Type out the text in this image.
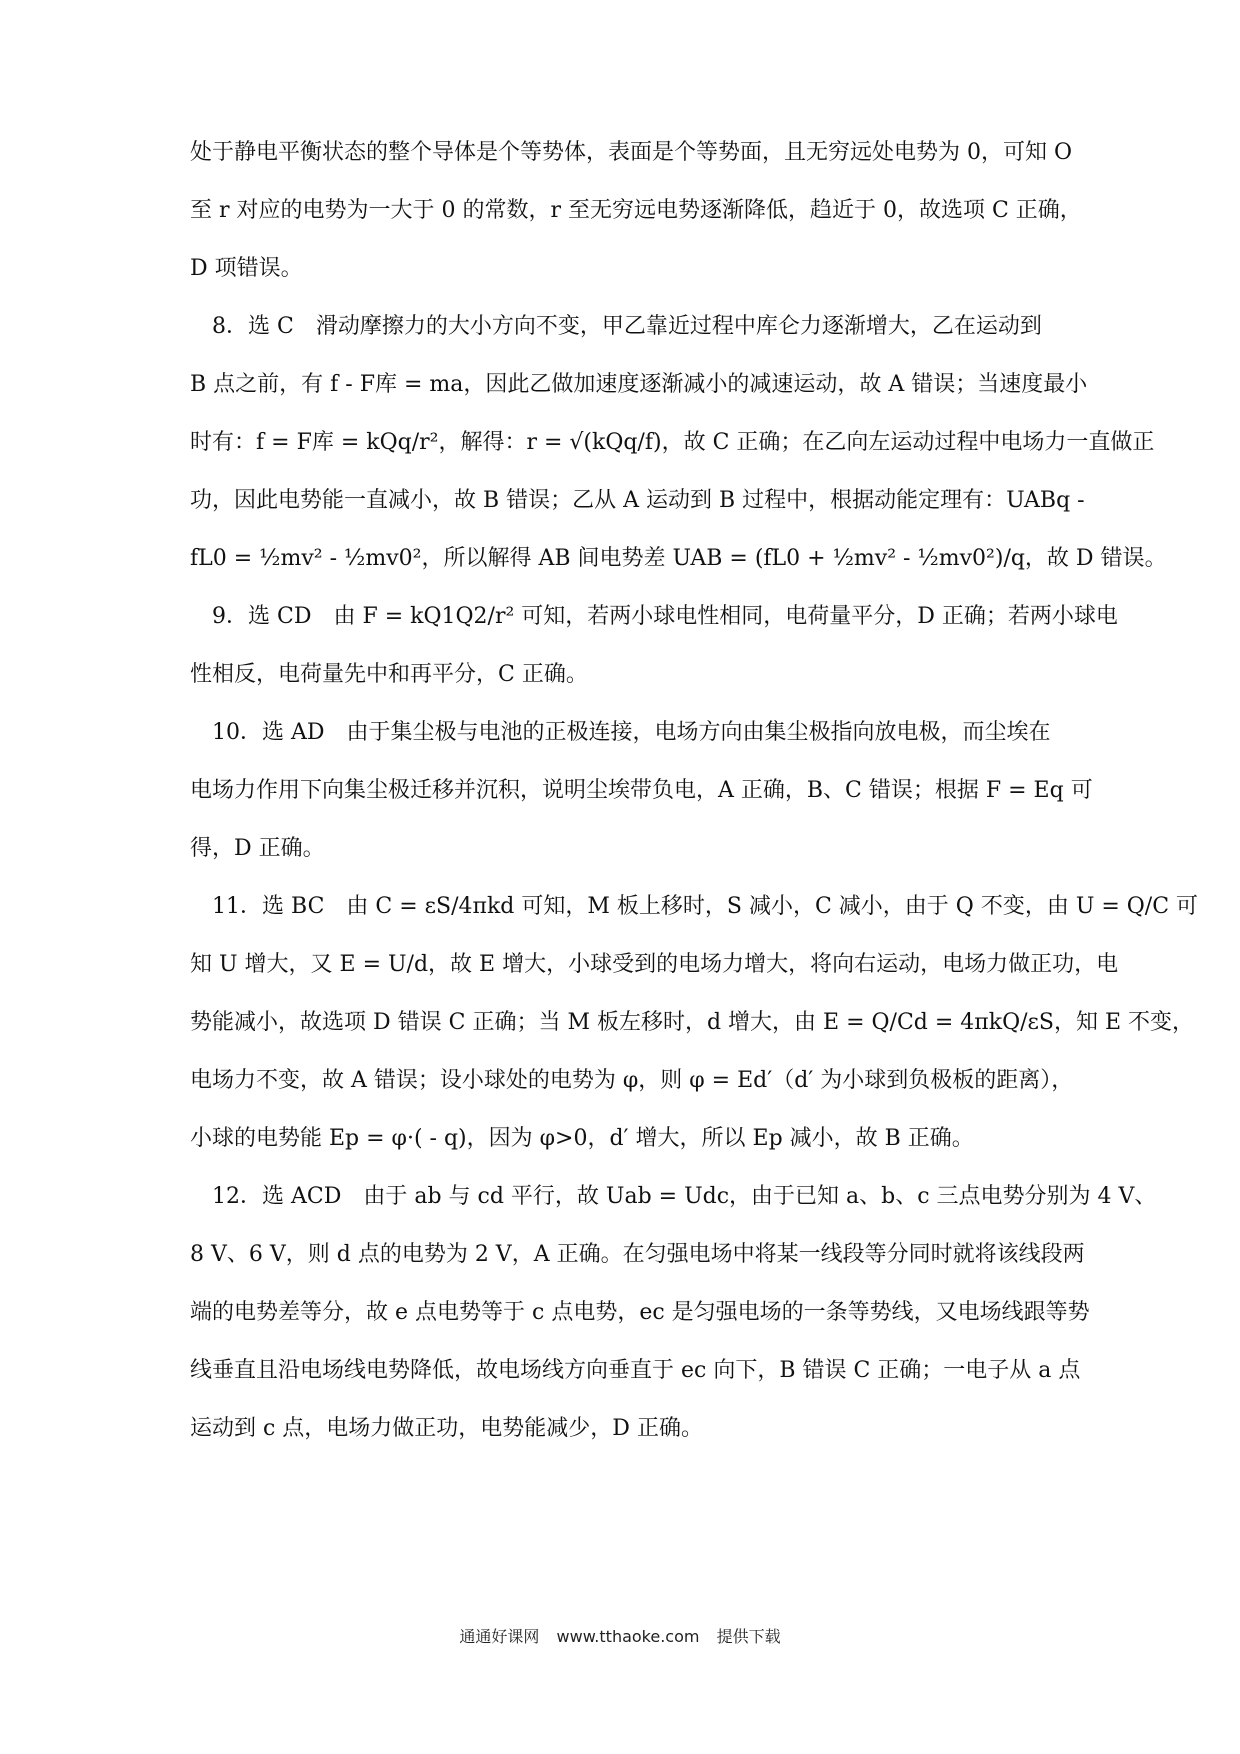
处于静电平衡状态的整个导体是个等势体，表面是个等势面，且无穷远处电势为 0，可知 O
至 r 对应的电势为一大于 0 的常数，r 至无穷远电势逐渐降低，趋近于 0，故选项 C 正确，
D 项错误。
　8．选 C　滑动摩擦力的大小方向不变，甲乙靠近过程中库仑力逐渐增大，乙在运动到
B 点之前，有 f - F库 = ma，因此乙做加速度逐渐减小的减速运动，故 A 错误；当速度最小
时有：f = F库 = kQq/r²，解得：r = √(kQq/f)，故 C 正确；在乙向左运动过程中电场力一直做正
功，因此电势能一直减小，故 B 错误；乙从 A 运动到 B 过程中，根据动能定理有：UABq -
fL0 = ½mv² - ½mv0²，所以解得 AB 间电势差 UAB = (fL0 + ½mv² - ½mv0²)/q，故 D 错误。
　9．选 CD　由 F = kQ1Q2/r² 可知，若两小球电性相同，电荷量平分，D 正确；若两小球电
性相反，电荷量先中和再平分，C 正确。
　10．选 AD　由于集尘极与电池的正极连接，电场方向由集尘极指向放电极，而尘埃在
电场力作用下向集尘极迁移并沉积，说明尘埃带负电，A 正确，B、C 错误；根据 F = Eq 可
得，D 正确。
　11．选 BC　由 C = εS/4πkd 可知，M 板上移时，S 减小，C 减小，由于 Q 不变，由 U = Q/C 可
知 U 增大，又 E = U/d，故 E 增大，小球受到的电场力增大，将向右运动，电场力做正功，电
势能减小，故选项 D 错误 C 正确；当 M 板左移时，d 增大，由 E = Q/Cd = 4πkQ/εS，知 E 不变，
电场力不变，故 A 错误；设小球处的电势为 φ，则 φ = Ed′（d′ 为小球到负极板的距离），
小球的电势能 Ep = φ·( - q)，因为 φ>0，d′ 增大，所以 Ep 减小，故 B 正确。
　12．选 ACD　由于 ab 与 cd 平行，故 Uab = Udc，由于已知 a、b、c 三点电势分别为 4 V、
8 V、6 V，则 d 点的电势为 2 V，A 正确。在匀强电场中将某一线段等分同时就将该线段两
端的电势差等分，故 e 点电势等于 c 点电势，ec 是匀强电场的一条等势线，又电场线跟等势
线垂直且沿电场线电势降低，故电场线方向垂直于 ec 向下，B 错误 C 正确；一电子从 a 点
运动到 c 点，电场力做正功，电势能减少，D 正确。
通通好课网 www.tthaoke.com 提供下载
